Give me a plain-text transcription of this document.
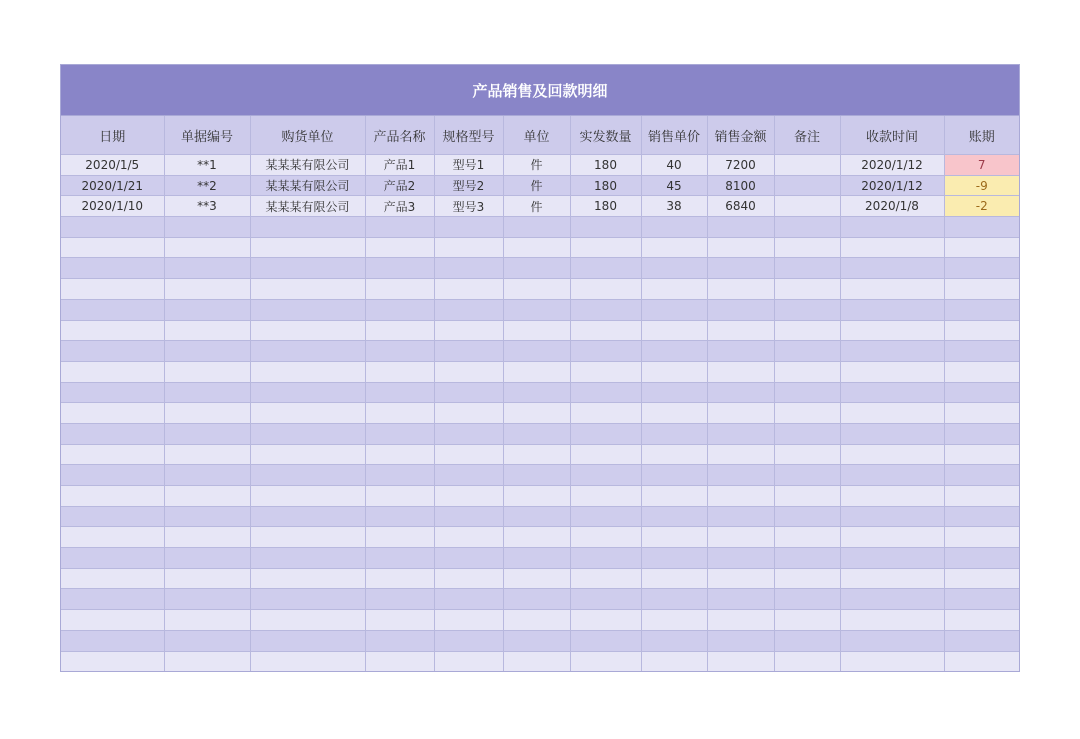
产品销售及回款明细
日期	单据编号	购货单位	产品名称	规格型号	单位	实发数量	销售单价	销售金额	备注	收款时间	账期
2020/1/5	**1	某某某有限公司	产品1	型号1	件	180	40	7200		2020/1/12	7
2020/1/21	**2	某某某有限公司	产品2	型号2	件	180	45	8100		2020/1/12	-9
2020/1/10	**3	某某某有限公司	产品3	型号3	件	180	38	6840		2020/1/8	-2
